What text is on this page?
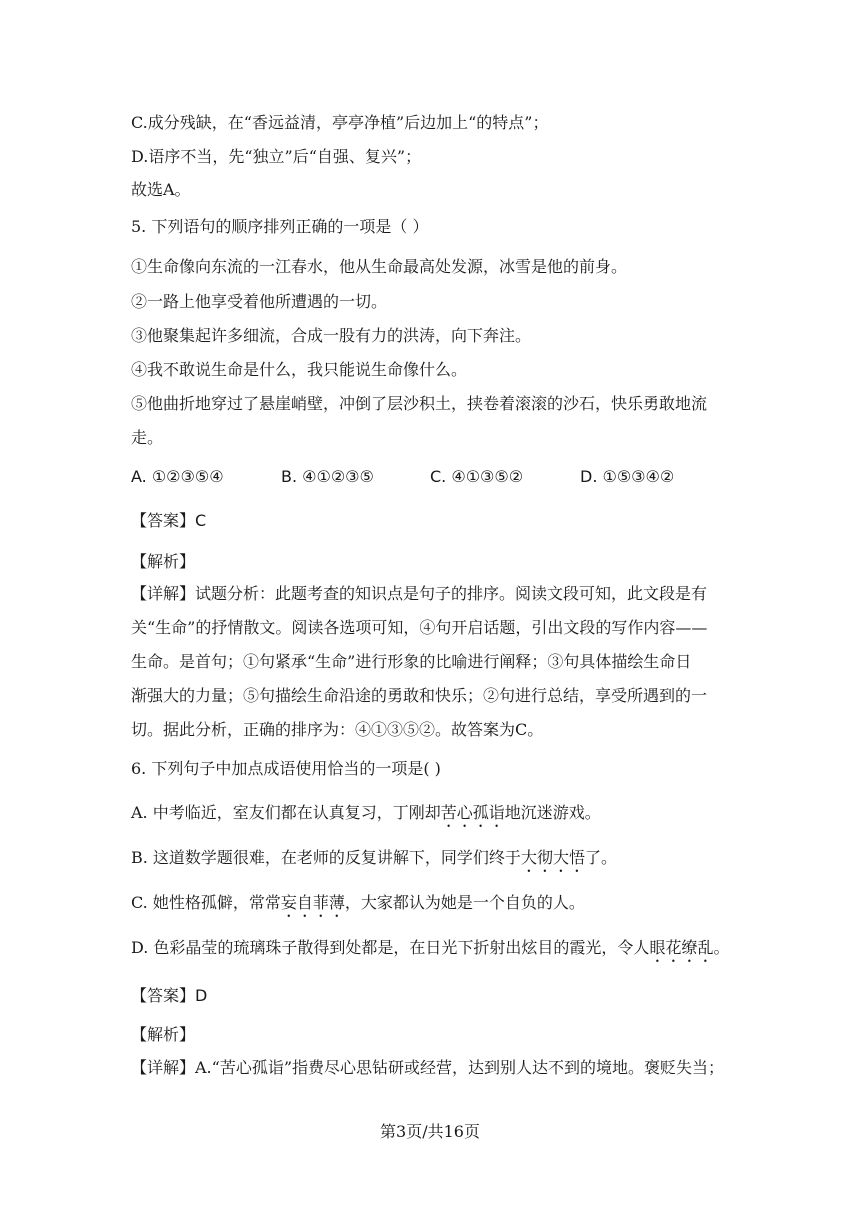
C.成分残缺，在“香远益清，亭亭净植”后边加上“的特点”；
D.语序不当，先“独立”后“自强、复兴”；
故选A。
5. 下列语句的顺序排列正确的一项是（ ）
①生命像向东流的一江春水，他从生命最高处发源，冰雪是他的前身。
②一路上他享受着他所遭遇的一切。
③他聚集起许多细流，合成一股有力的洪涛，向下奔注。
④我不敢说生命是什么，我只能说生命像什么。
⑤他曲折地穿过了悬崖峭壁，冲倒了层沙积土，挟卷着滚滚的沙石，快乐勇敢地流
走。
A. ①②③⑤④	B. ④①②③⑤	C. ④①③⑤②	D. ①⑤③④②
【答案】C
【解析】
【详解】试题分析：此题考查的知识点是句子的排序。阅读文段可知，此文段是有
关“生命”的抒情散文。阅读各选项可知，④句开启话题，引出文段的写作内容——
生命。是首句；①句紧承“生命”进行形象的比喻进行阐释；③句具体描绘生命日
渐强大的力量；⑤句描绘生命沿途的勇敢和快乐；②句进行总结，享受所遇到的一
切。据此分析，正确的排序为：④①③⑤②。故答案为C。
6. 下列句子中加点成语使用恰当的一项是( )
A. 中考临近，室友们都在认真复习，丁刚却苦心孤诣地沉迷游戏。
B. 这道数学题很难，在老师的反复讲解下，同学们终于大彻大悟了。
C. 她性格孤僻，常常妄自菲薄，大家都认为她是一个自负的人。
D. 色彩晶莹的琉璃珠子散得到处都是，在日光下折射出炫目的霞光，令人眼花缭乱。
【答案】D
【解析】
【详解】A.“苦心孤诣”指费尽心思钻研或经营，达到别人达不到的境地。褒贬失当；
第3页/共16页
